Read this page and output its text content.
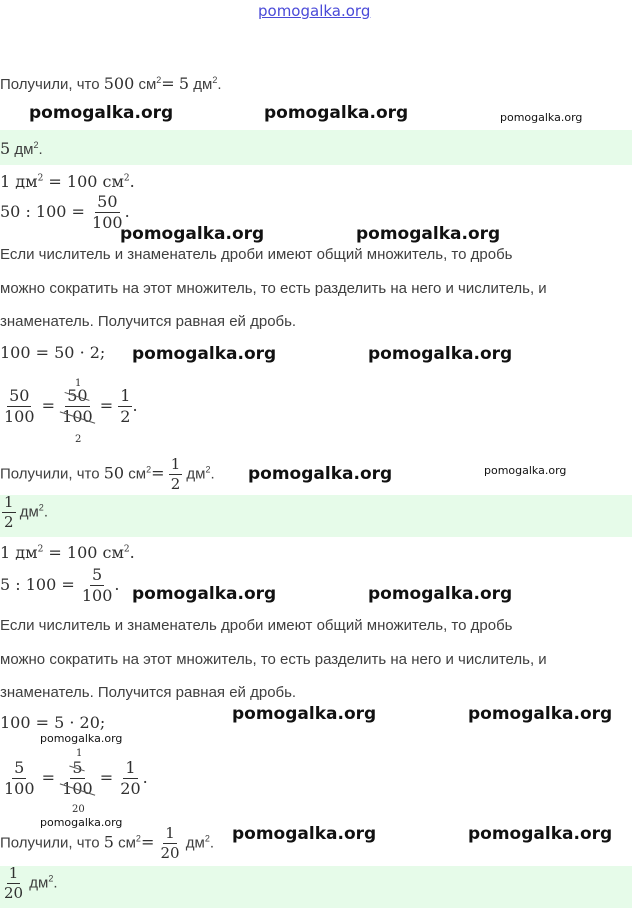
pomogalka.org
Получили, что 500 $см^2= 5$ $дм^2$.
pomogalka.org	pomogalka.org	pomogalka.org
5 $дм^2$.
1 $дм^2 = 100$ $см^2$.
50 : $100 = \frac{50}{100}$ .
pomogalka.org	pomogalka.org
Если числитель и знаменатель дроби имеют общий множитель, то дробь
можно сократить на этот множитель, то есть разделить на него и числитель, и
знаменатель. Получится равная ей дробь.
100 = 50 · 2; pomogalka.org	pomogalka.org
$\frac{50}{100} = \frac{50}{100} = \frac{1}{2}$ .
1
2
Получили, что 50 $см^2= \frac{1}{2} дм^2$. pomogalka.org	pomogalka.org
$\frac{1}{2} дм^2$.
1 $дм^2 = 100$ $см^2$.
5 : $100 = \frac{5}{100}$ . pomogalka.org	pomogalka.org
Если числитель и знаменатель дроби имеют общий множитель, то дробь
можно сократить на этот множитель, то есть разделить на него и числитель, и
знаменатель. Получится равная ей дробь.
100 = 5 · 20;	pomogalka.org	pomogalka.org
pomogalka.org
$\frac{5}{100} = \frac{5}{100} = \frac{1}{20}$ .
1
20
pomogalka.org
pomogalka.org	pomogalka.org
Получили, что 5 $см^2= \frac{1}{20} дм^2$.
$\frac{1}{20} дм^2$.
